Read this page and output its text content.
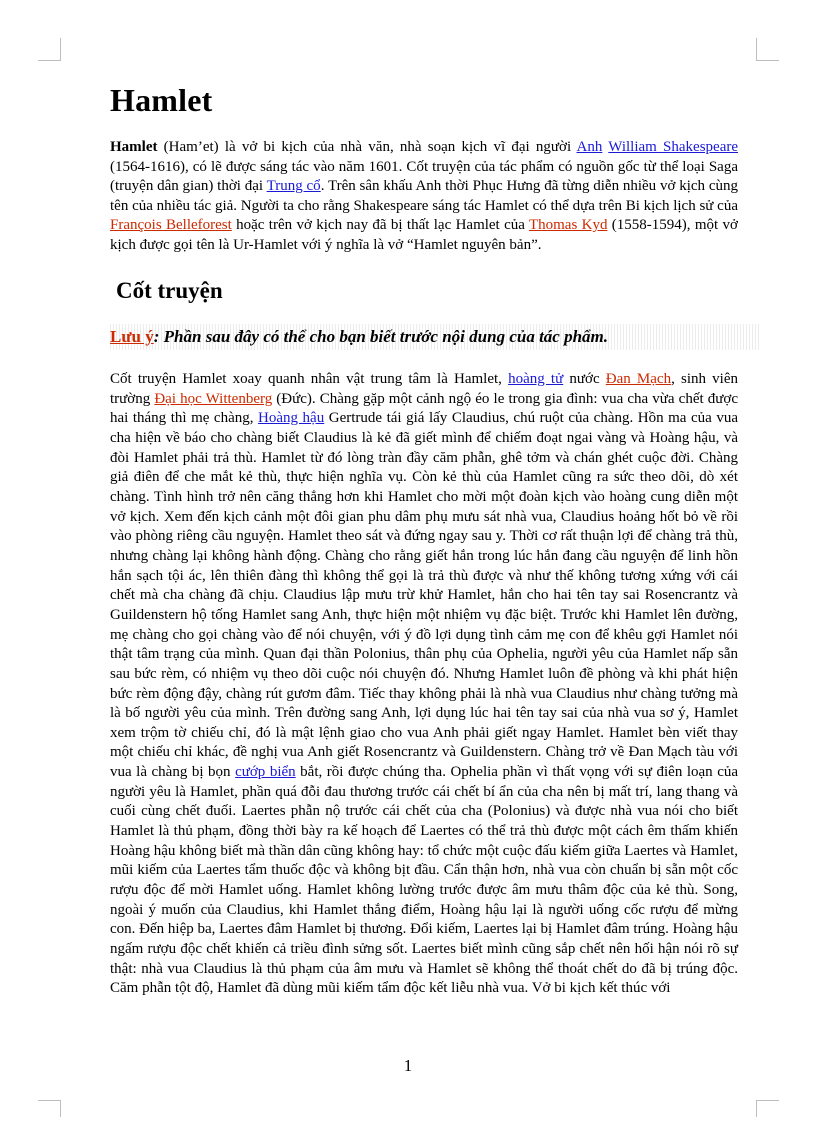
Hamlet

Hamlet (Ham’et) là vở bi kịch của nhà văn, nhà soạn kịch vĩ đại người Anh William Shakespeare (1564-1616), có lẽ được sáng tác vào năm 1601. Cốt truyện của tác phẩm có nguồn gốc từ thể loại Saga (truyện dân gian) thời đại Trung cổ. Trên sân khấu Anh thời Phục Hưng đã từng diễn nhiều vở kịch cùng tên của nhiều tác giả. Người ta cho rằng Shakespeare sáng tác Hamlet có thể dựa trên Bi kịch lịch sử của François Belleforest hoặc trên vở kịch nay đã bị thất lạc Hamlet của Thomas Kyd (1558-1594), một vở kịch được gọi tên là Ur-Hamlet với ý nghĩa là vở “Hamlet nguyên bản”.

Cốt truyện
Lưu ý: Phần sau đây có thể cho bạn biết trước nội dung của tác phẩm.

Cốt truyện Hamlet xoay quanh nhân vật trung tâm là Hamlet, hoàng tử nước Đan Mạch, sinh viên trường Đại học Wittenberg (Đức). Chàng gặp một cảnh ngộ éo le trong gia đình: vua cha vừa chết được hai tháng thì mẹ chàng, Hoàng hậu Gertrude tái giá lấy Claudius, chú ruột của chàng. Hồn ma của vua cha hiện về báo cho chàng biết Claudius là kẻ đã giết mình để chiếm đoạt ngai vàng và Hoàng hậu, và đòi Hamlet phải trả thù. Hamlet từ đó lòng tràn đầy căm phẫn, ghê tởm và chán ghét cuộc đời. Chàng giả điên để che mắt kẻ thù, thực hiện nghĩa vụ. Còn kẻ thù của Hamlet cũng ra sức theo dõi, dò xét chàng. Tình hình trở nên căng thẳng hơn khi Hamlet cho mời một đoàn kịch vào hoàng cung diễn một vở kịch. Xem đến kịch cảnh một đôi gian phu dâm phụ mưu sát nhà vua, Claudius hoảng hốt bỏ về rồi vào phòng riêng cầu nguyện. Hamlet theo sát và đứng ngay sau y. Thời cơ rất thuận lợi để chàng trả thù, nhưng chàng lại không hành động. Chàng cho rằng giết hắn trong lúc hắn đang cầu nguyện để linh hồn hắn sạch tội ác, lên thiên đàng thì không thể gọi là trả thù được và như thế không tương xứng với cái chết mà cha chàng đã chịu. Claudius lập mưu trừ khử Hamlet, hắn cho hai tên tay sai Rosencrantz và Guildenstern hộ tống Hamlet sang Anh, thực hiện một nhiệm vụ đặc biệt. Trước khi Hamlet lên đường, mẹ chàng cho gọi chàng vào để nói chuyện, với ý đồ lợi dụng tình cảm mẹ con để khêu gợi Hamlet nói thật tâm trạng của mình. Quan đại thần Polonius, thân phụ của Ophelia, người yêu của Hamlet nấp sẵn sau bức rèm, có nhiệm vụ theo dõi cuộc nói chuyện đó. Nhưng Hamlet luôn đề phòng và khi phát hiện bức rèm động đậy, chàng rút gươm đâm. Tiếc thay không phải là nhà vua Claudius như chàng tưởng mà là bố người yêu của mình. Trên đường sang Anh, lợi dụng lúc hai tên tay sai của nhà vua sơ ý, Hamlet xem trộm tờ chiếu chỉ, đó là mật lệnh giao cho vua Anh phải giết ngay Hamlet. Hamlet bèn viết thay một chiếu chỉ khác, đề nghị vua Anh giết Rosencrantz và Guildenstern. Chàng trở về Đan Mạch tàu với vua là chàng bị bọn cướp biển bắt, rồi được chúng tha. Ophelia phần vì thất vọng với sự điên loạn của người yêu là Hamlet, phần quá đỗi đau thương trước cái chết bí ẩn của cha nên bị mất trí, lang thang và cuối cùng chết đuối. Laertes phẫn nộ trước cái chết của cha (Polonius) và được nhà vua nói cho biết Hamlet là thủ phạm, đồng thời bày ra kế hoạch để Laertes có thể trả thù được một cách êm thấm khiến Hoàng hậu không biết mà thần dân cũng không hay: tổ chức một cuộc đấu kiếm giữa Laertes và Hamlet, mũi kiếm của Laertes tẩm thuốc độc và không bịt đầu. Cẩn thận hơn, nhà vua còn chuẩn bị sẵn một cốc rượu độc để mời Hamlet uống. Hamlet không lường trước được âm mưu thâm độc của kẻ thù. Song, ngoài ý muốn của Claudius, khi Hamlet thắng điểm, Hoàng hậu lại là người uống cốc rượu để mừng con. Đến hiệp ba, Laertes đâm Hamlet bị thương. Đổi kiếm, Laertes lại bị Hamlet đâm trúng. Hoàng hậu ngấm rượu độc chết khiến cả triều đình sửng sốt. Laertes biết mình cũng sắp chết nên hối hận nói rõ sự thật: nhà vua Claudius là thủ phạm của âm mưu và Hamlet sẽ không thể thoát chết do đã bị trúng độc. Căm phẫn tột độ, Hamlet đã dùng mũi kiếm tẩm độc kết liễu nhà vua. Vở bi kịch kết thúc với

1
